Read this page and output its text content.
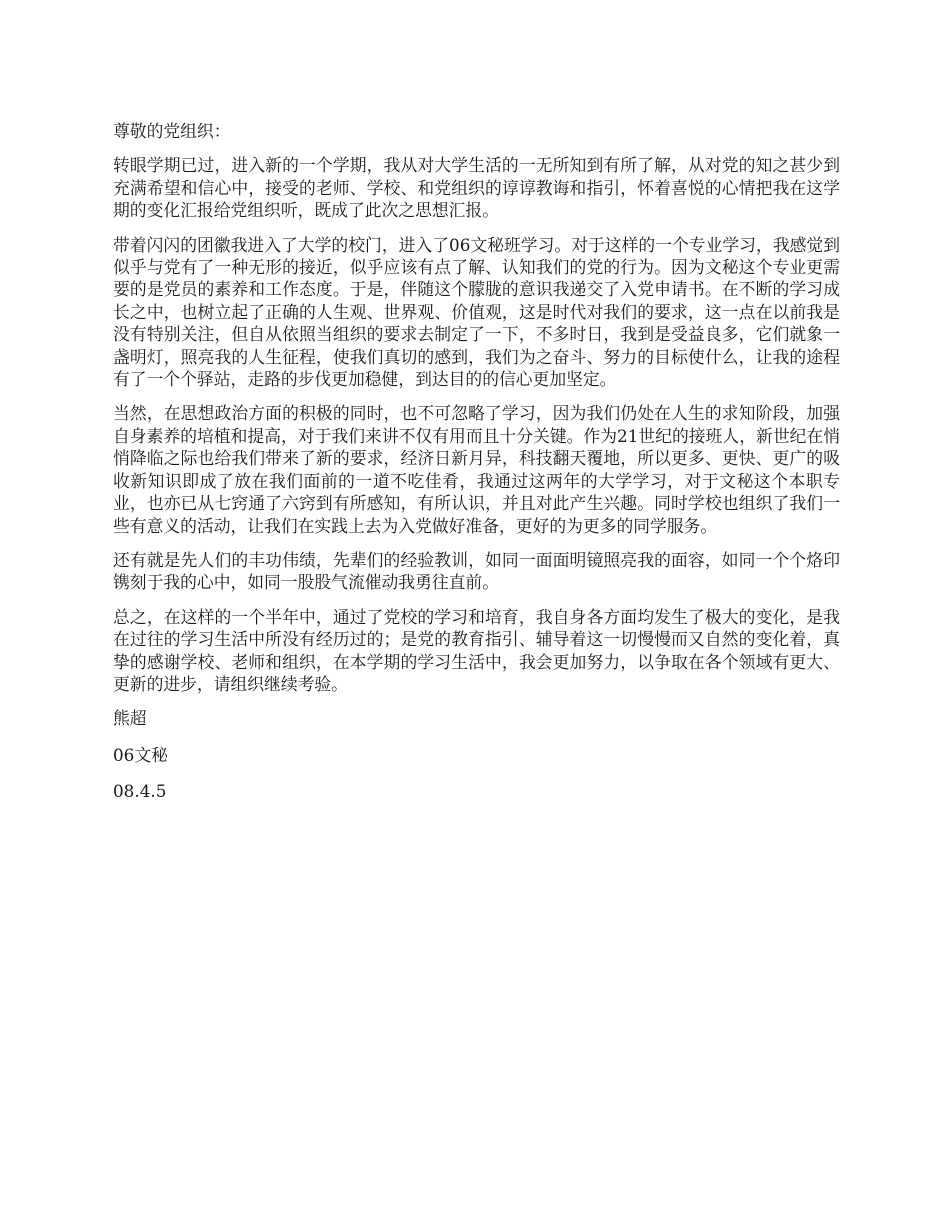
尊敬的党组织：

转眼学期已过，进入新的一个学期，我从对大学生活的一无所知到有所了解，从对党的知之甚少到充满希望和信心中，接受的老师、学校、和党组织的谆谆教诲和指引，怀着喜悦的心情把我在这学期的变化汇报给党组织听，既成了此次之思想汇报。

带着闪闪的团徽我进入了大学的校门，进入了06文秘班学习。对于这样的一个专业学习，我感觉到似乎与党有了一种无形的接近，似乎应该有点了解、认知我们的党的行为。因为文秘这个专业更需要的是党员的素养和工作态度。于是，伴随这个朦胧的意识我递交了入党申请书。在不断的学习成长之中，也树立起了正确的人生观、世界观、价值观，这是时代对我们的要求，这一点在以前我是没有特别关注，但自从依照当组织的要求去制定了一下，不多时日，我到是受益良多，它们就象一盏明灯，照亮我的人生征程，使我们真切的感到，我们为之奋斗、努力的目标使什么，让我的途程有了一个个驿站，走路的步伐更加稳健，到达目的的信心更加坚定。

当然，在思想政治方面的积极的同时，也不可忽略了学习，因为我们仍处在人生的求知阶段，加强自身素养的培植和提高，对于我们来讲不仅有用而且十分关键。作为21世纪的接班人，新世纪在悄悄降临之际也给我们带来了新的要求，经济日新月异，科技翻天覆地，所以更多、更快、更广的吸收新知识即成了放在我们面前的一道不吃佳肴，我通过这两年的大学学习，对于文秘这个本职专业，也亦已从七窍通了六窍到有所感知，有所认识，并且对此产生兴趣。同时学校也组织了我们一些有意义的活动，让我们在实践上去为入党做好准备，更好的为更多的同学服务。

还有就是先人们的丰功伟绩，先辈们的经验教训，如同一面面明镜照亮我的面容，如同一个个烙印镌刻于我的心中，如同一股股气流催动我勇往直前。

总之，在这样的一个半年中，通过了党校的学习和培育，我自身各方面均发生了极大的变化，是我在过往的学习生活中所没有经历过的；是党的教育指引、辅导着这一切慢慢而又自然的变化着，真挚的感谢学校、老师和组织，在本学期的学习生活中，我会更加努力，以争取在各个领域有更大、更新的进步，请组织继续考验。

熊超

06文秘

08.4.5
